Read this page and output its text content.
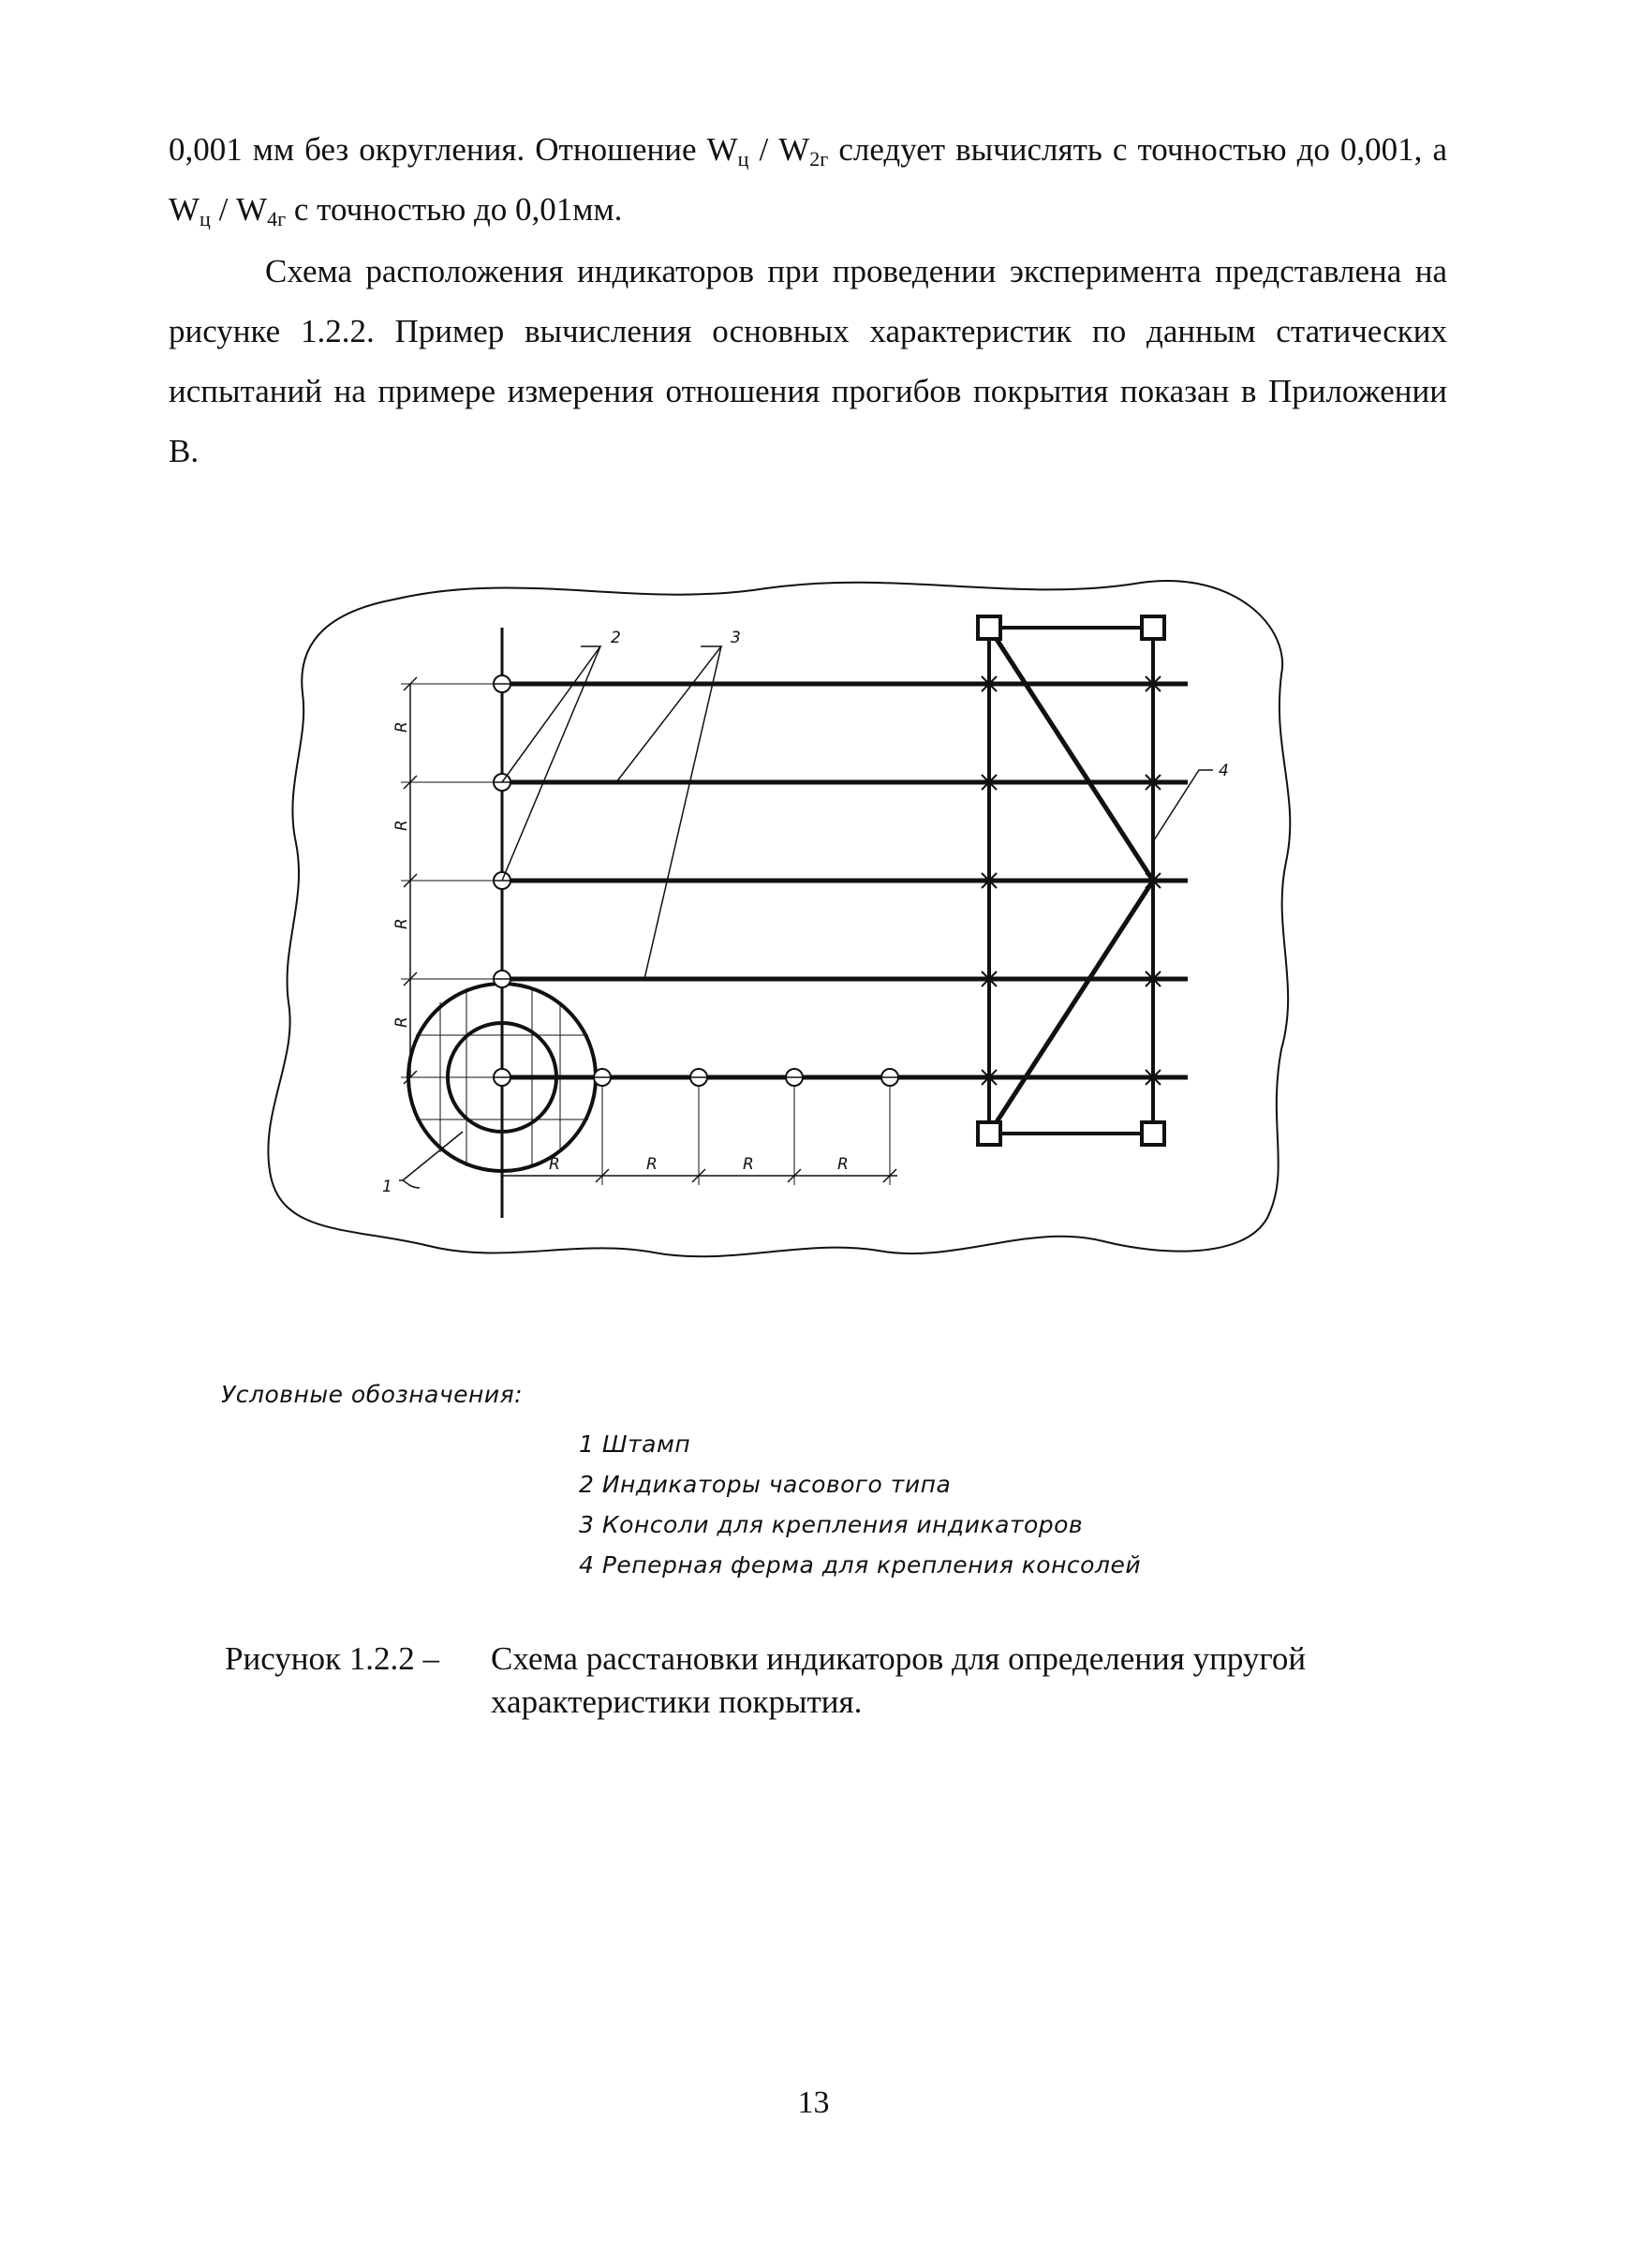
0,001 мм без округления. Отношение $W_ц / W_{2г}$ следует вычислять с точностью до 0,001, а $W_ц / W_{4г}$ с точностью до 0,01мм.

Схема расположения индикаторов при проведении эксперимента представлена на рисунке 1.2.2. Пример вычисления основных характеристик по данным статических испытаний на примере измерения отношения прогибов покрытия показан в Приложении В.

2	3
4
1
R
R
R
R
R	R	R	R

Условные обозначения:

1 Штамп
2 Индикаторы часового типа
3 Консоли для крепления индикаторов
4 Реперная ферма для крепления консолей
Рисунок 1.2.2 – Схема расстановки индикаторов для определения упругой характеристики покрытия.
13
